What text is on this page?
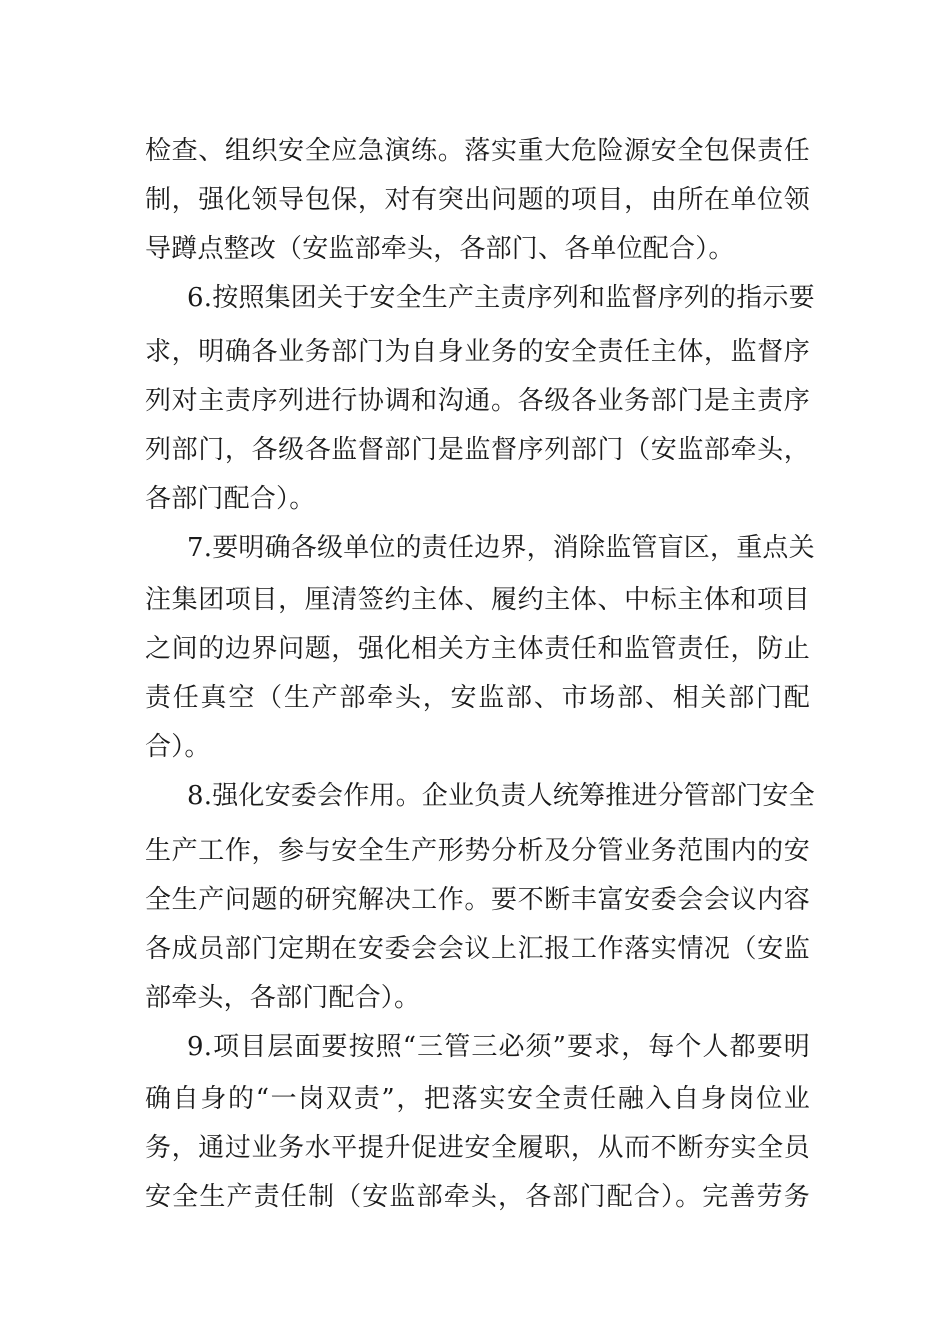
检查、组织安全应急演练。落实重大危险源安全包保责任
制，强化领导包保，对有突出问题的项目，由所在单位领
导蹲点整改（安监部牵头，各部门、各单位配合）。
6.按照集团关于安全生产主责序列和监督序列的指示要
求，明确各业务部门为自身业务的安全责任主体，监督序
列对主责序列进行协调和沟通。各级各业务部门是主责序
列部门，各级各监督部门是监督序列部门（安监部牵头，
各部门配合）。
7.要明确各级单位的责任边界，消除监管盲区，重点关
注集团项目，厘清签约主体、履约主体、中标主体和项目
之间的边界问题，强化相关方主体责任和监管责任，防止
责任真空（生产部牵头，安监部、市场部、相关部门配
合）。
8.强化安委会作用。企业负责人统筹推进分管部门安全
生产工作，参与安全生产形势分析及分管业务范围内的安
全生产问题的研究解决工作。要不断丰富安委会会议内容
各成员部门定期在安委会会议上汇报工作落实情况（安监
部牵头，各部门配合）。
9.项目层面要按照“三管三必须”要求，每个人都要明
确自身的“一岗双责”，把落实安全责任融入自身岗位业
务，通过业务水平提升促进安全履职，从而不断夯实全员
安全生产责任制（安监部牵头，各部门配合）。完善劳务
